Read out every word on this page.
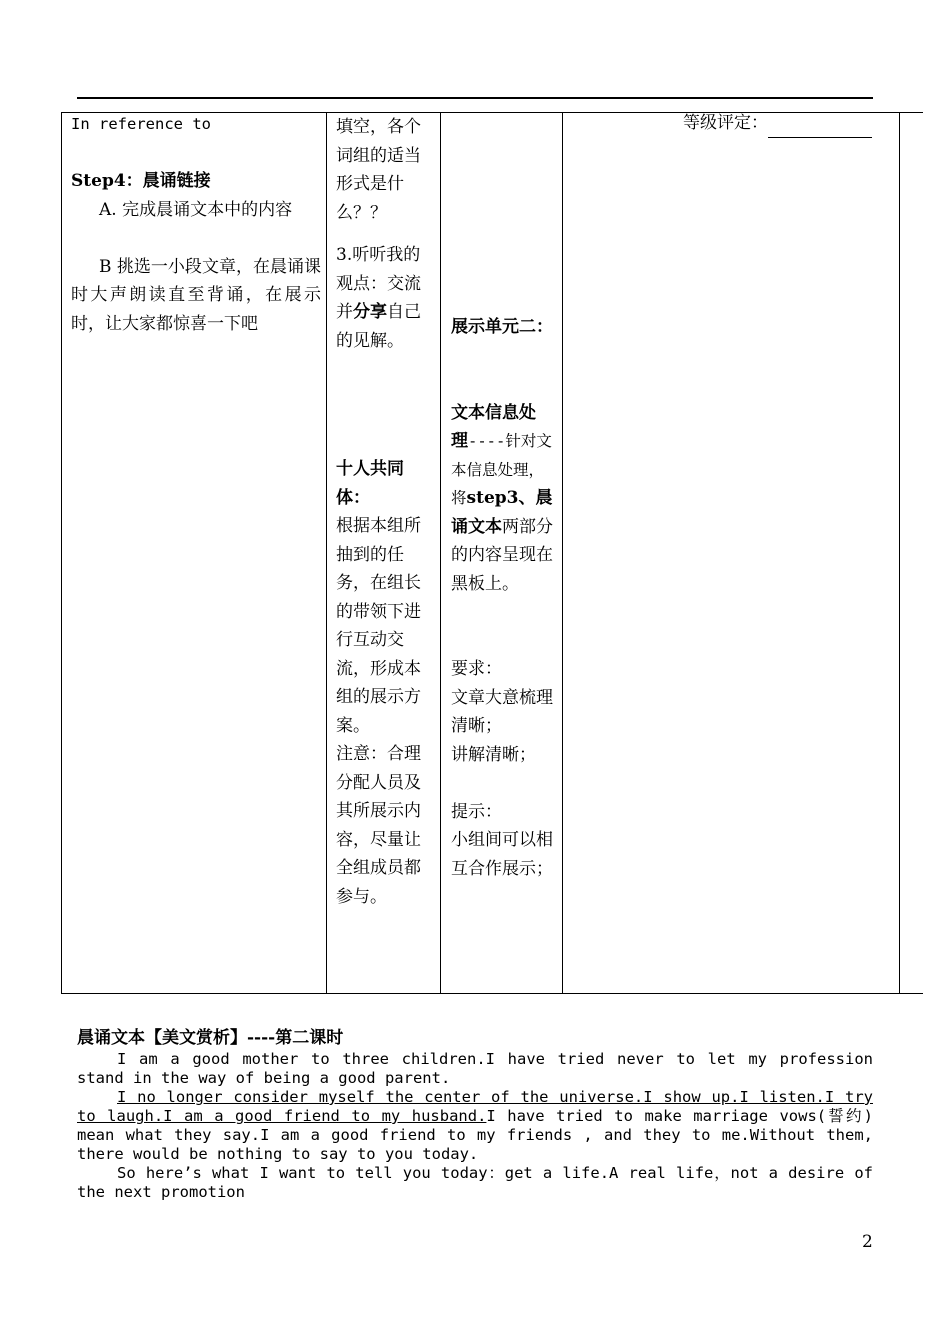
In reference to

Step4：晨诵链接

A. 完成晨诵文本中的内容
B 挑选一小段文章，在晨诵课时大声朗读直至背诵，在展示时，让大家都惊喜一下吧
填空，各个词组的适当形式是什么？？
3.听听我的观点：交流并分享自己的见解。
十人共同体：
根据本组所抽到的任务，在组长的带领下进行互动交流，形成本组的展示方案。
注意：合理分配人员及其所展示内容，尽量让全组成员都参与。
展示单元二：
文本信息处理----针对文本信息处理，将step3、晨诵文本两部分的内容呈现在黑板上。
要求：
文章大意梳理清晰；
讲解清晰；
提示：
小组间可以相互合作展示；
等级评定：
晨诵文本【美文赏析】----第二课时

I am a good mother to three children.I have tried never to let my profession stand in the way of being a good parent.

I no longer consider myself the center of the universe.I show up.I listen.I try to laugh.I am a good friend to my husband.I have tried to make marriage vows(誓约) mean what they say.I am a good friend to my friends , and they to me.Without them, there would be nothing to say to you today.

So here’s what I want to tell you today：get a life.A real life，not a desire of the next promotion

2
